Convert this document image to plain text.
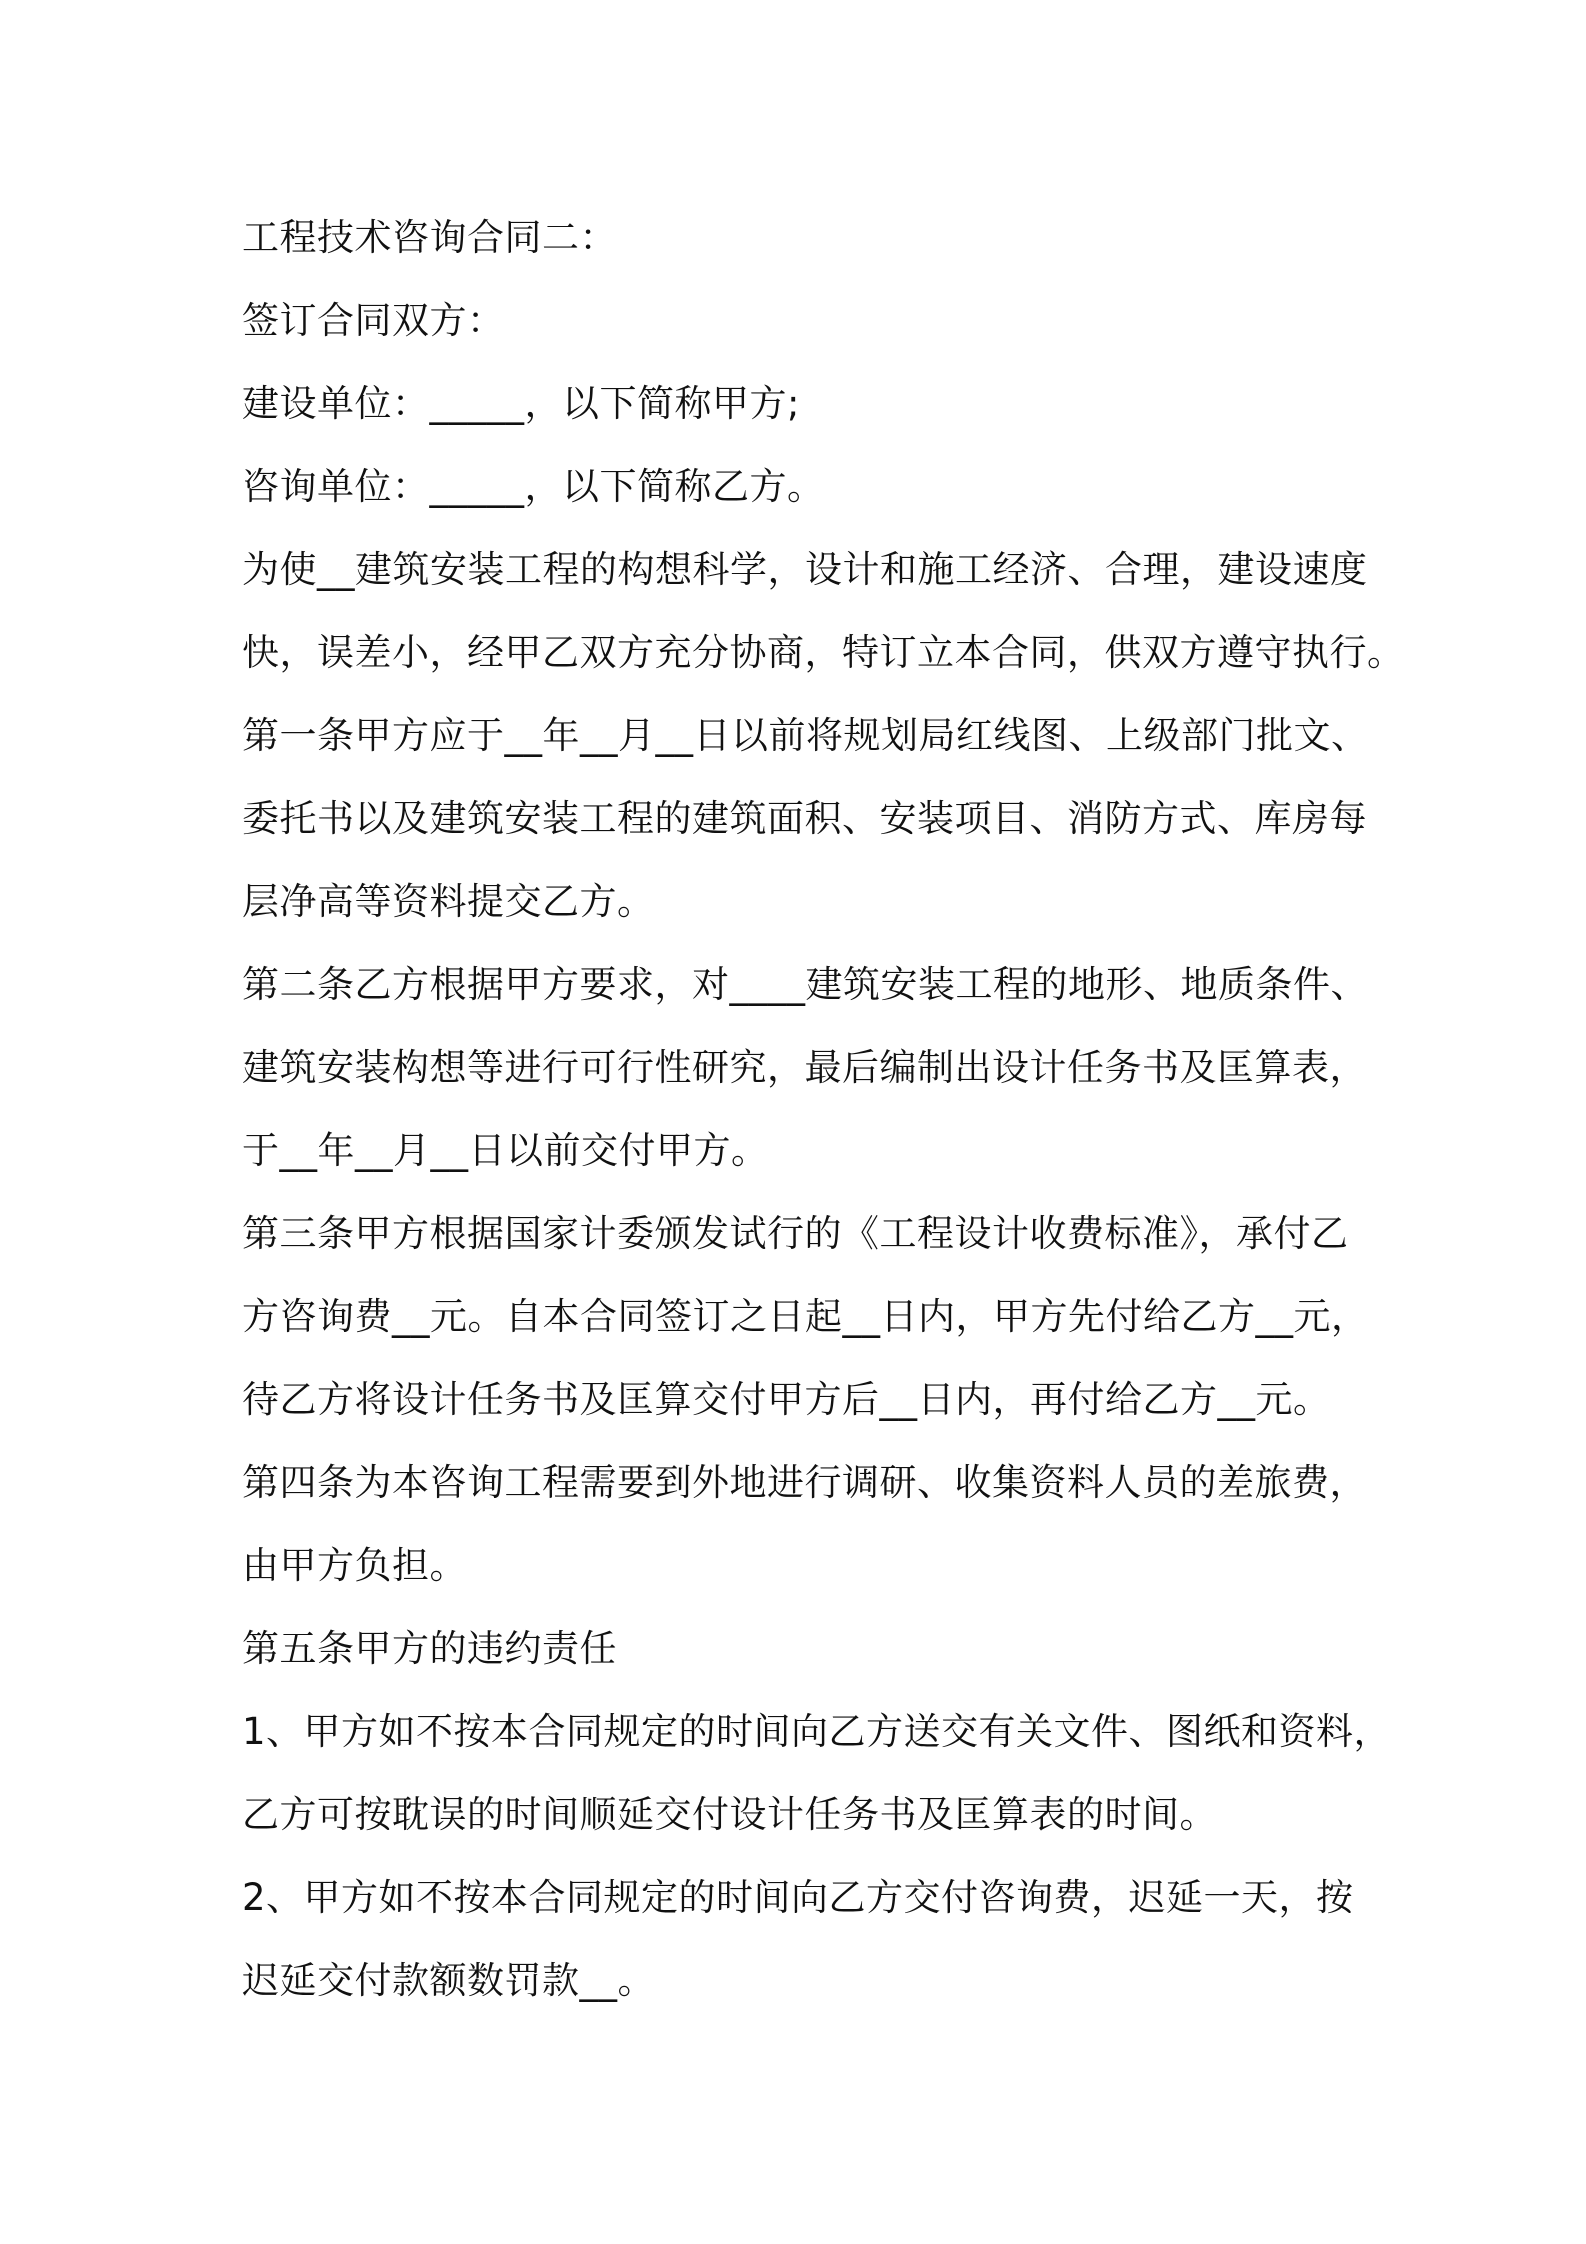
工程技术咨询合同二：
签订合同双方：
建设单位：_____，以下简称甲方;
咨询单位：_____，以下简称乙方。
为使__建筑安装工程的构想科学，设计和施工经济、合理，建设速度
快，误差小，经甲乙双方充分协商，特订立本合同，供双方遵守执行。
第一条甲方应于__年__月__日以前将规划局红线图、上级部门批文、
委托书以及建筑安装工程的建筑面积、安装项目、消防方式、库房每
层净高等资料提交乙方。
第二条乙方根据甲方要求，对____建筑安装工程的地形、地质条件、
建筑安装构想等进行可行性研究，最后编制出设计任务书及匡算表，
于__年__月__日以前交付甲方。
第三条甲方根据国家计委颁发试行的《工程设计收费标准》，承付乙
方咨询费__元。自本合同签订之日起__日内，甲方先付给乙方__元，
待乙方将设计任务书及匡算交付甲方后__日内，再付给乙方__元。
第四条为本咨询工程需要到外地进行调研、收集资料人员的差旅费，
由甲方负担。
第五条甲方的违约责任
1、甲方如不按本合同规定的时间向乙方送交有关文件、图纸和资料，
乙方可按耽误的时间顺延交付设计任务书及匡算表的时间。
2、甲方如不按本合同规定的时间向乙方交付咨询费，迟延一天，按
迟延交付款额数罚款__。
